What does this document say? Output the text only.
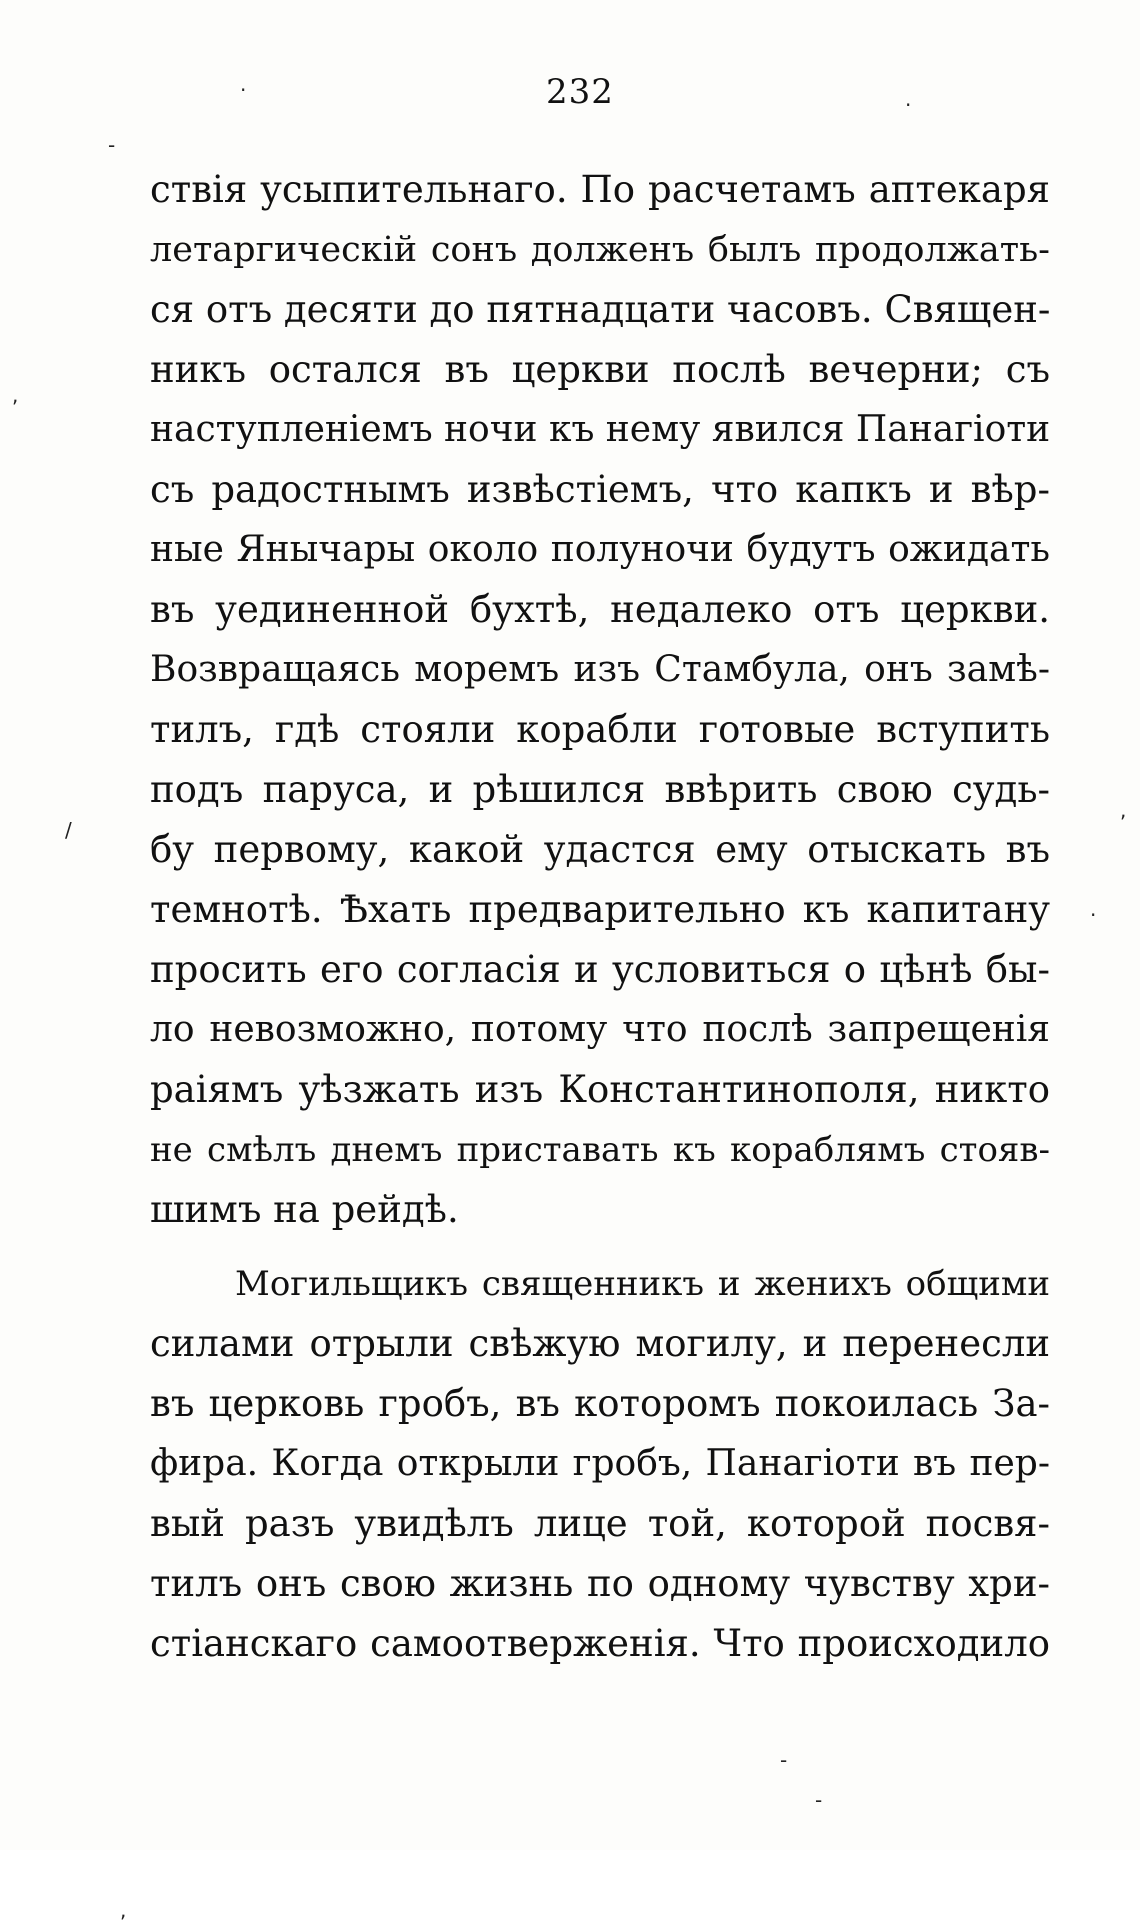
232
ствія усыпительнаго. По расчетамъ аптекаря
летаргическій сонъ долженъ былъ продолжать-
ся отъ десяти до пятнадцати часовъ. Священ-
никъ остался въ церкви послѣ вечерни; съ
наступленіемъ ночи къ нему явился Панагіоти
съ радостнымъ извѣстіемъ, что капкъ и вѣр-
ные Янычары около полуночи будутъ ожидать
въ уединенной бухтѣ, недалеко отъ церкви.
Возвращаясь моремъ изъ Стамбула, онъ замѣ-
тилъ, гдѣ стояли корабли готовые вступить
подъ паруса, и рѣшился ввѣрить свою судь-
бу первому, какой удастся ему отыскать въ
темнотѣ. Ѣхать предварительно къ капитану
просить его согласія и условиться о цѣнѣ бы-
ло невозможно, потому что послѣ запрещенія
раіямъ уѣзжать изъ Константинополя, никто
не смѣлъ днемъ приставать къ кораблямъ стояв-
шимъ на рейдѣ.
Могильщикъ священникъ и женихъ общими
силами отрыли свѣжую могилу, и перенесли
въ церковь гробъ, въ которомъ покоилась За-
фира. Когда открыли гробъ, Панагіоти въ пер-
вый разъ увидѣлъ лице той, которой посвя-
тилъ онъ свою жизнь по одному чувству хри-
стіанскаго самоотверженія. Что происходило
·
·
-
,
/
,
·
,
-
-
